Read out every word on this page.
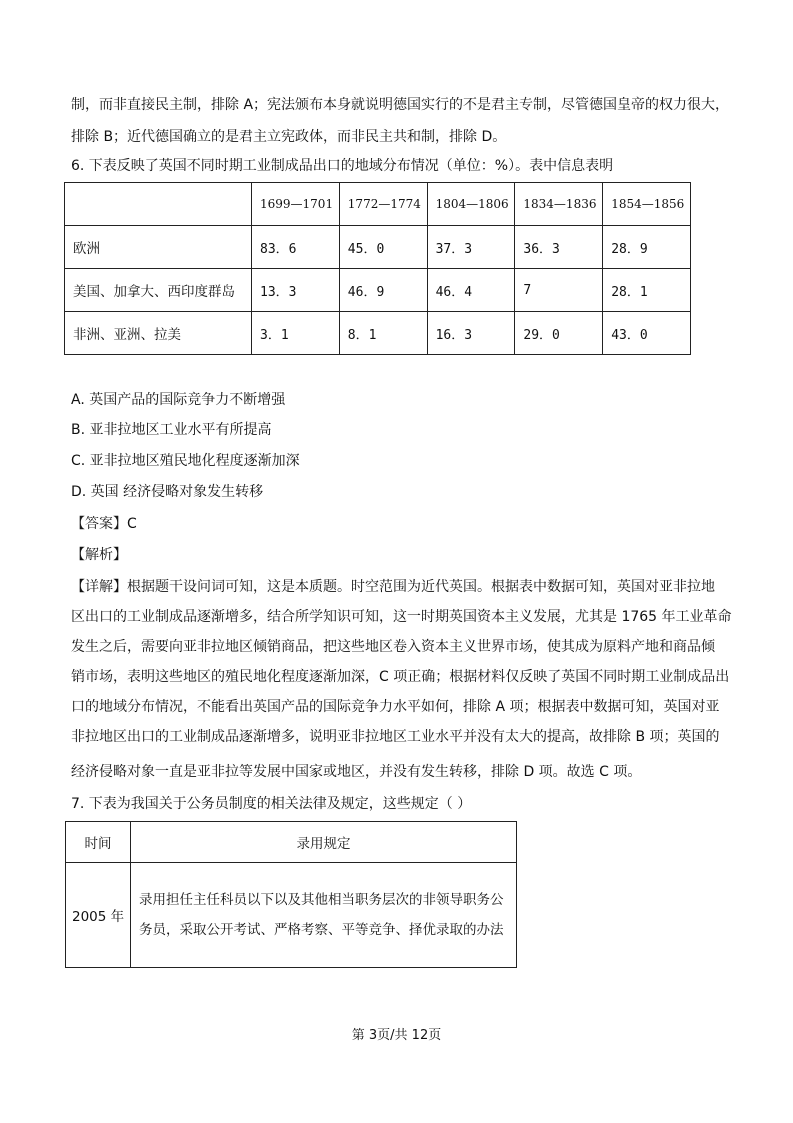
制，而非直接民主制，排除 A；宪法颁布本身就说明德国实行的不是君主专制，尽管德国皇帝的权力很大，
排除 B；近代德国确立的是君主立宪政体，而非民主共和制，排除 D。
6. 下表反映了英国不同时期工业制成品出口的地域分布情况（单位：%）。表中信息表明
	1699—1701	1772—1774	1804—1806	1834—1836	1854—1856
欧洲	83．6	45．0	37．3	36．3	28．9
美国、加拿大、西印度群岛	13．3	46．9	46．4	7	28．1
非洲、亚洲、拉美	3．1	8．1	16．3	29．0	43．0
A. 英国产品的国际竞争力不断增强
B. 亚非拉地区工业水平有所提高
C. 亚非拉地区殖民地化程度逐渐加深
D. 英国 经济侵略对象发生转移
【答案】C
【解析】
【详解】根据题干设问词可知，这是本质题。时空范围为近代英国。根据表中数据可知，英国对亚非拉地
区出口的工业制成品逐渐增多，结合所学知识可知，这一时期英国资本主义发展，尤其是 1765 年工业革命
发生之后，需要向亚非拉地区倾销商品，把这些地区卷入资本主义世界市场，使其成为原料产地和商品倾
销市场，表明这些地区的殖民地化程度逐渐加深，C 项正确；根据材料仅反映了英国不同时期工业制成品出
口的地域分布情况，不能看出英国产品的国际竞争力水平如何，排除 A 项；根据表中数据可知，英国对亚
非拉地区出口的工业制成品逐渐增多，说明亚非拉地区工业水平并没有太大的提高，故排除 B 项；英国的
经济侵略对象一直是亚非拉等发展中国家或地区，并没有发生转移，排除 D 项。故选 C 项。
7. 下表为我国关于公务员制度的相关法律及规定，这些规定（ ）
时间	录用规定
2005 年	录用担任主任科员以下以及其他相当职务层次的非领导职务公务员，采取公开考试、严格考察、平等竞争、择优录取的办法
第 3页/共 12页
